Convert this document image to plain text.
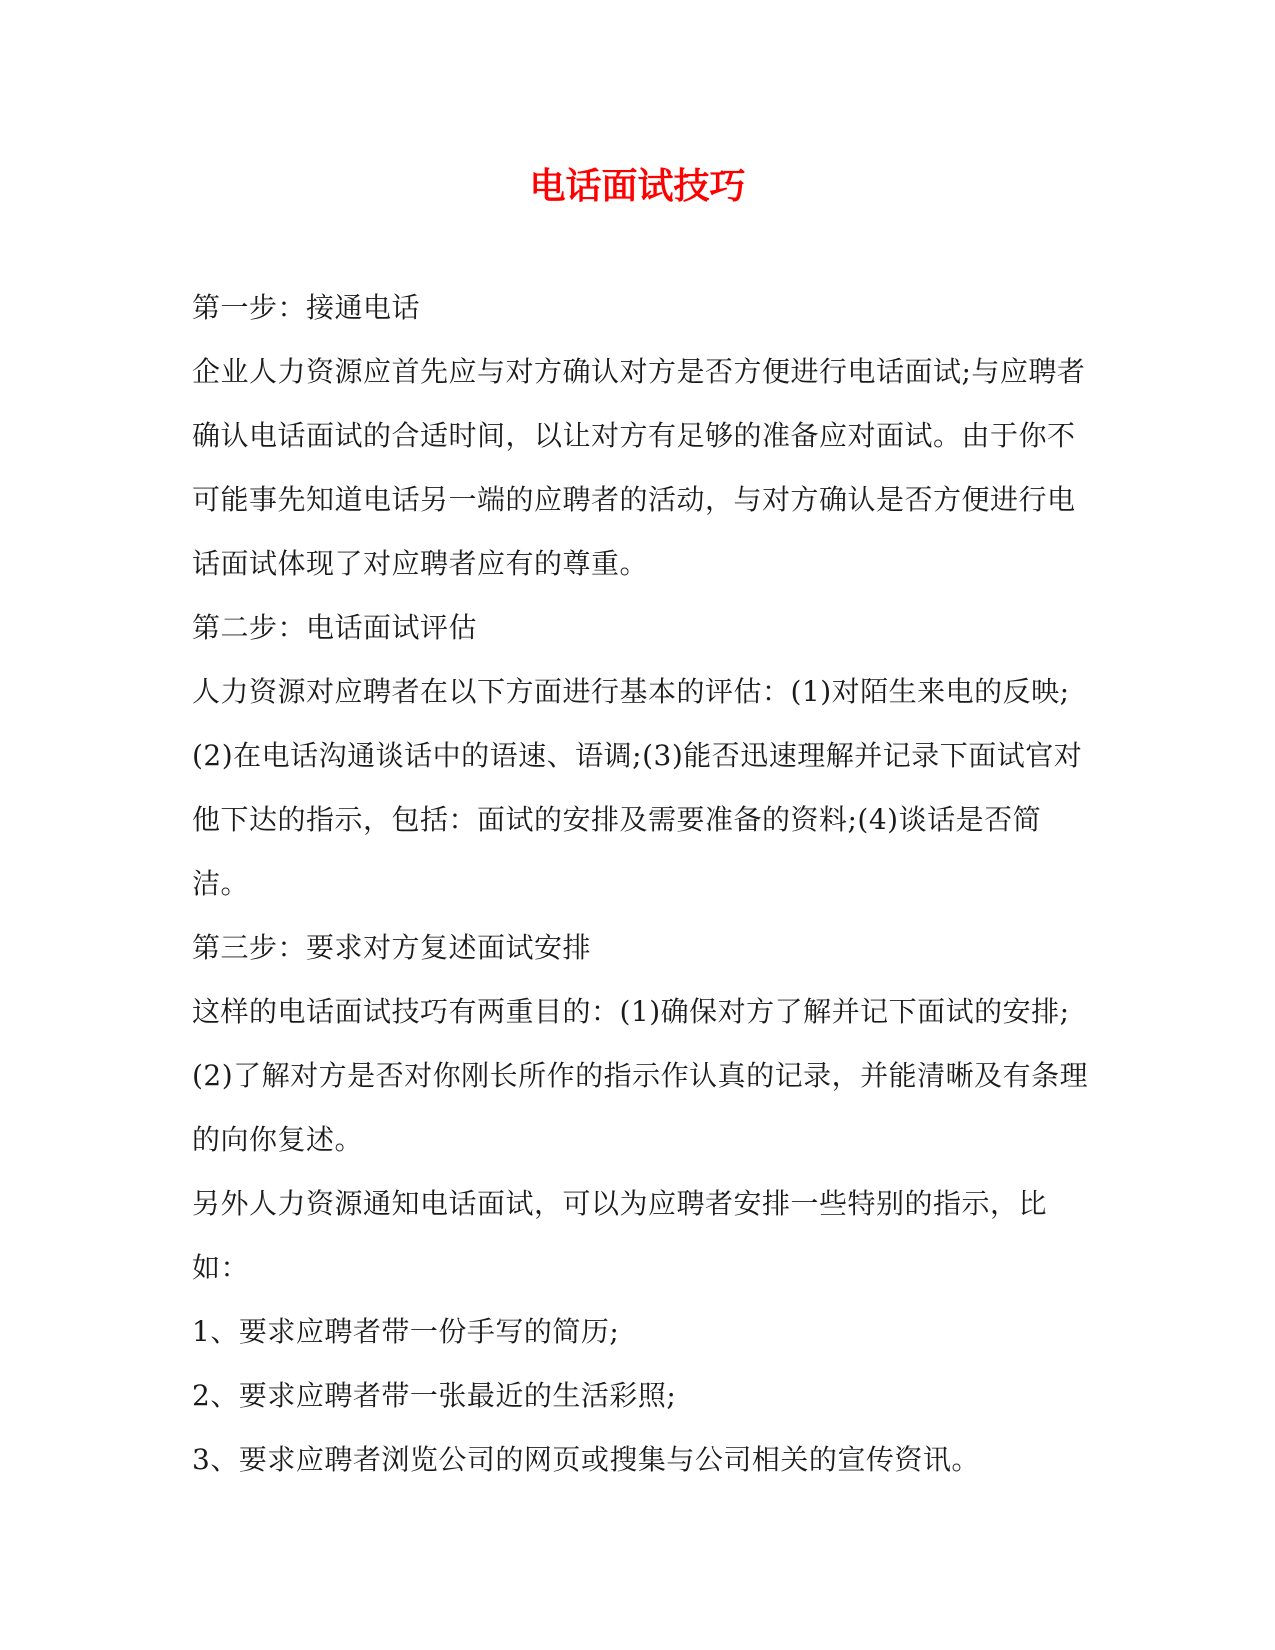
电话面试技巧

第一步：接通电话

企业人力资源应首先应与对方确认对方是否方便进行电话面试;与应聘者确认电话面试的合适时间，以让对方有足够的准备应对面试。由于你不可能事先知道电话另一端的应聘者的活动，与对方确认是否方便进行电话面试体现了对应聘者应有的尊重。

第二步：电话面试评估

人力资源对应聘者在以下方面进行基本的评估：(1)对陌生来电的反映;(2)在电话沟通谈话中的语速、语调;(3)能否迅速理解并记录下面试官对他下达的指示，包括：面试的安排及需要准备的资料;(4)谈话是否简洁。

第三步：要求对方复述面试安排

这样的电话面试技巧有两重目的：(1)确保对方了解并记下面试的安排;(2)了解对方是否对你刚长所作的指示作认真的记录，并能清晰及有条理的向你复述。

另外人力资源通知电话面试，可以为应聘者安排一些特别的指示，比如：

1、要求应聘者带一份手写的简历;

2、要求应聘者带一张最近的生活彩照;

3、要求应聘者浏览公司的网页或搜集与公司相关的宣传资讯。
